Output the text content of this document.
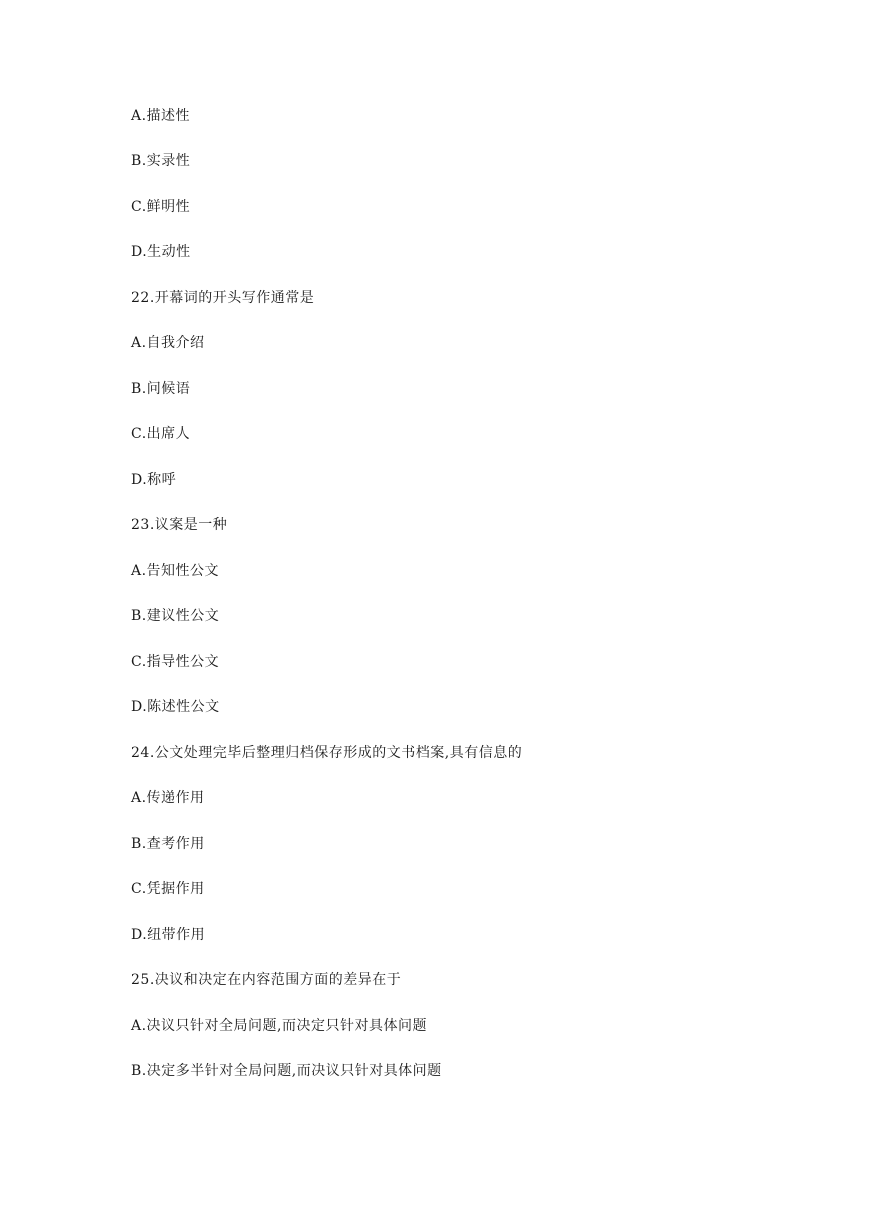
A.描述性
B.实录性
C.鲜明性
D.生动性
22.开幕词的开头写作通常是
A.自我介绍
B.问候语
C.出席人
D.称呼
23.议案是一种
A.告知性公文
B.建议性公文
C.指导性公文
D.陈述性公文
24.公文处理完毕后整理归档保存形成的文书档案,具有信息的
A.传递作用
B.查考作用
C.凭据作用
D.纽带作用
25.决议和决定在内容范围方面的差异在于
A.决议只针对全局问题,而决定只针对具体问题
B.决定多半针对全局问题,而决议只针对具体问题
